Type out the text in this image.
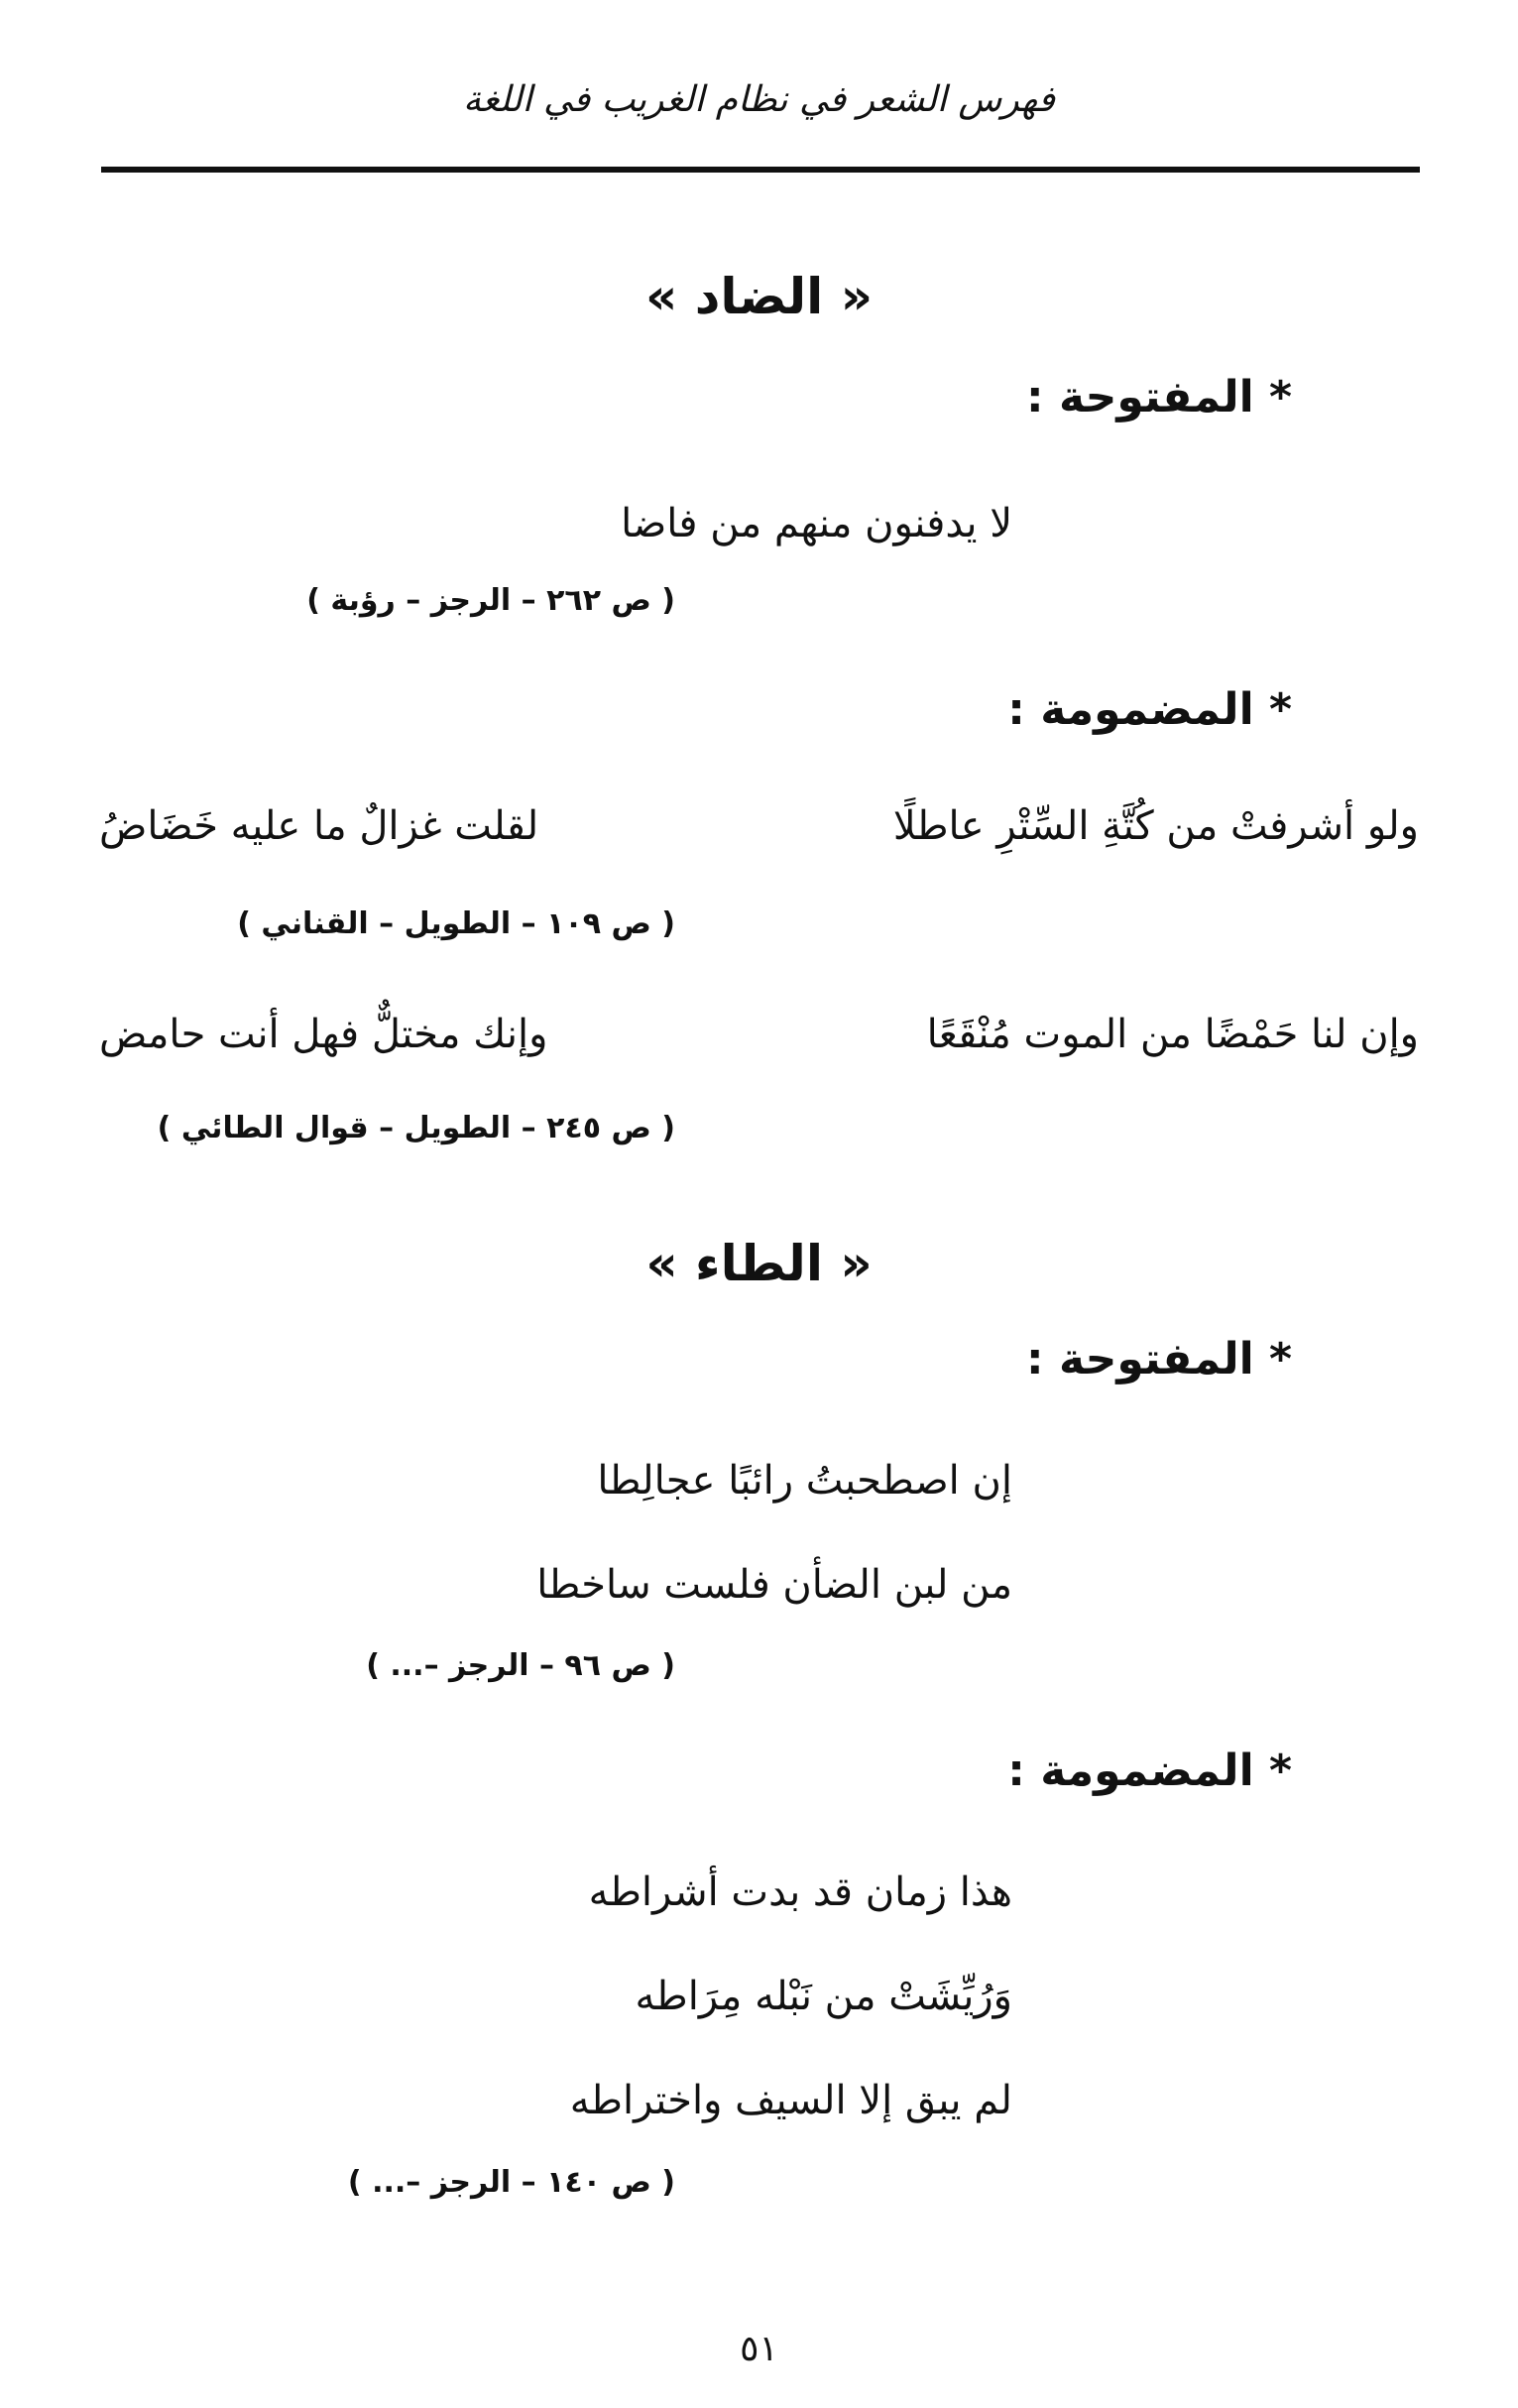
فهرس الشعر في نظام الغريب في اللغة
« الضاد »
* المفتوحة :
لا يدفنون منهم من فاضا
( ص ٢٦٢ – الرجز – رؤبة )
* المضمومة :
ولو أشرفتْ من كُتَّةِ السِّتْرِ عاطلًا
لقلت غزالٌ ما عليه خَضَاضُ
( ص ١٠٩ – الطويل – القناني )
وإن لنا حَمْضًا من الموت مُنْقَعًا
وإنك مختلٌّ فهل أنت حامض
( ص ٢٤٥ – الطويل – قوال الطائي )
« الطاء »
* المفتوحة :
إن اصطحبتُ رائبًا عجالِطا
من لبن الضأن فلست ساخطا
( ص ٩٦ – الرجز –... )
* المضمومة :
هذا زمان قد بدت أشراطه
وَرُيِّشَتْ من نَبْله مِرَاطه
لم يبق إلا السيف واختراطه
( ص ١٤٠ – الرجز –... )
٥١
